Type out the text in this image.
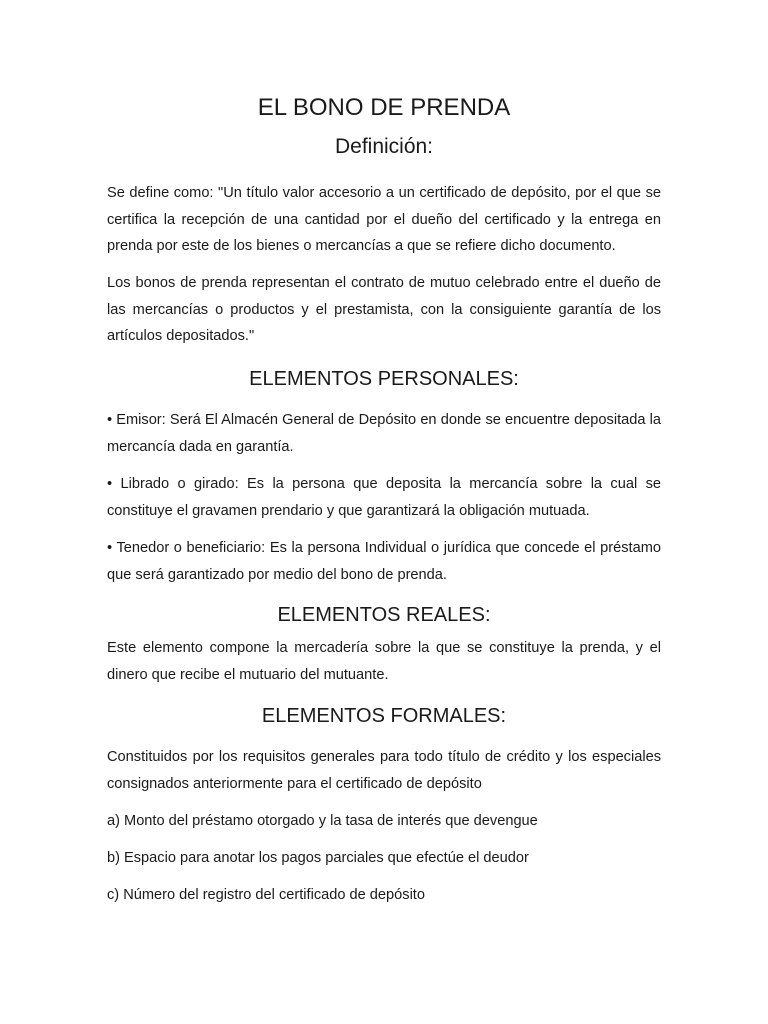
EL BONO DE PRENDA
Definición:

Se define como: "Un título valor accesorio a un certificado de depósito, por el que se certifica la recepción de una cantidad por el dueño del certificado y la entrega en prenda por este de los bienes o mercancías a que se refiere dicho documento.

Los bonos de prenda representan el contrato de mutuo celebrado entre el dueño de las mercancías o productos y el prestamista, con la consiguiente garantía de los artículos depositados."

ELEMENTOS PERSONALES:

• Emisor: Será El Almacén General de Depósito en donde se encuentre depositada la mercancía dada en garantía.

• Librado o girado: Es la persona que deposita la mercancía sobre la cual se constituye el gravamen prendario y que garantizará la obligación mutuada.

• Tenedor o beneficiario: Es la persona Individual o jurídica que concede el préstamo que será garantizado por medio del bono de prenda.

ELEMENTOS REALES:

Este elemento compone la mercadería sobre la que se constituye la prenda, y el dinero que recibe el mutuario del mutuante.

ELEMENTOS FORMALES:

Constituidos por los requisitos generales para todo título de crédito y los especiales consignados anteriormente para el certificado de depósito

a) Monto del préstamo otorgado y la tasa de interés que devengue

b) Espacio para anotar los pagos parciales que efectúe el deudor

c) Número del registro del certificado de depósito
